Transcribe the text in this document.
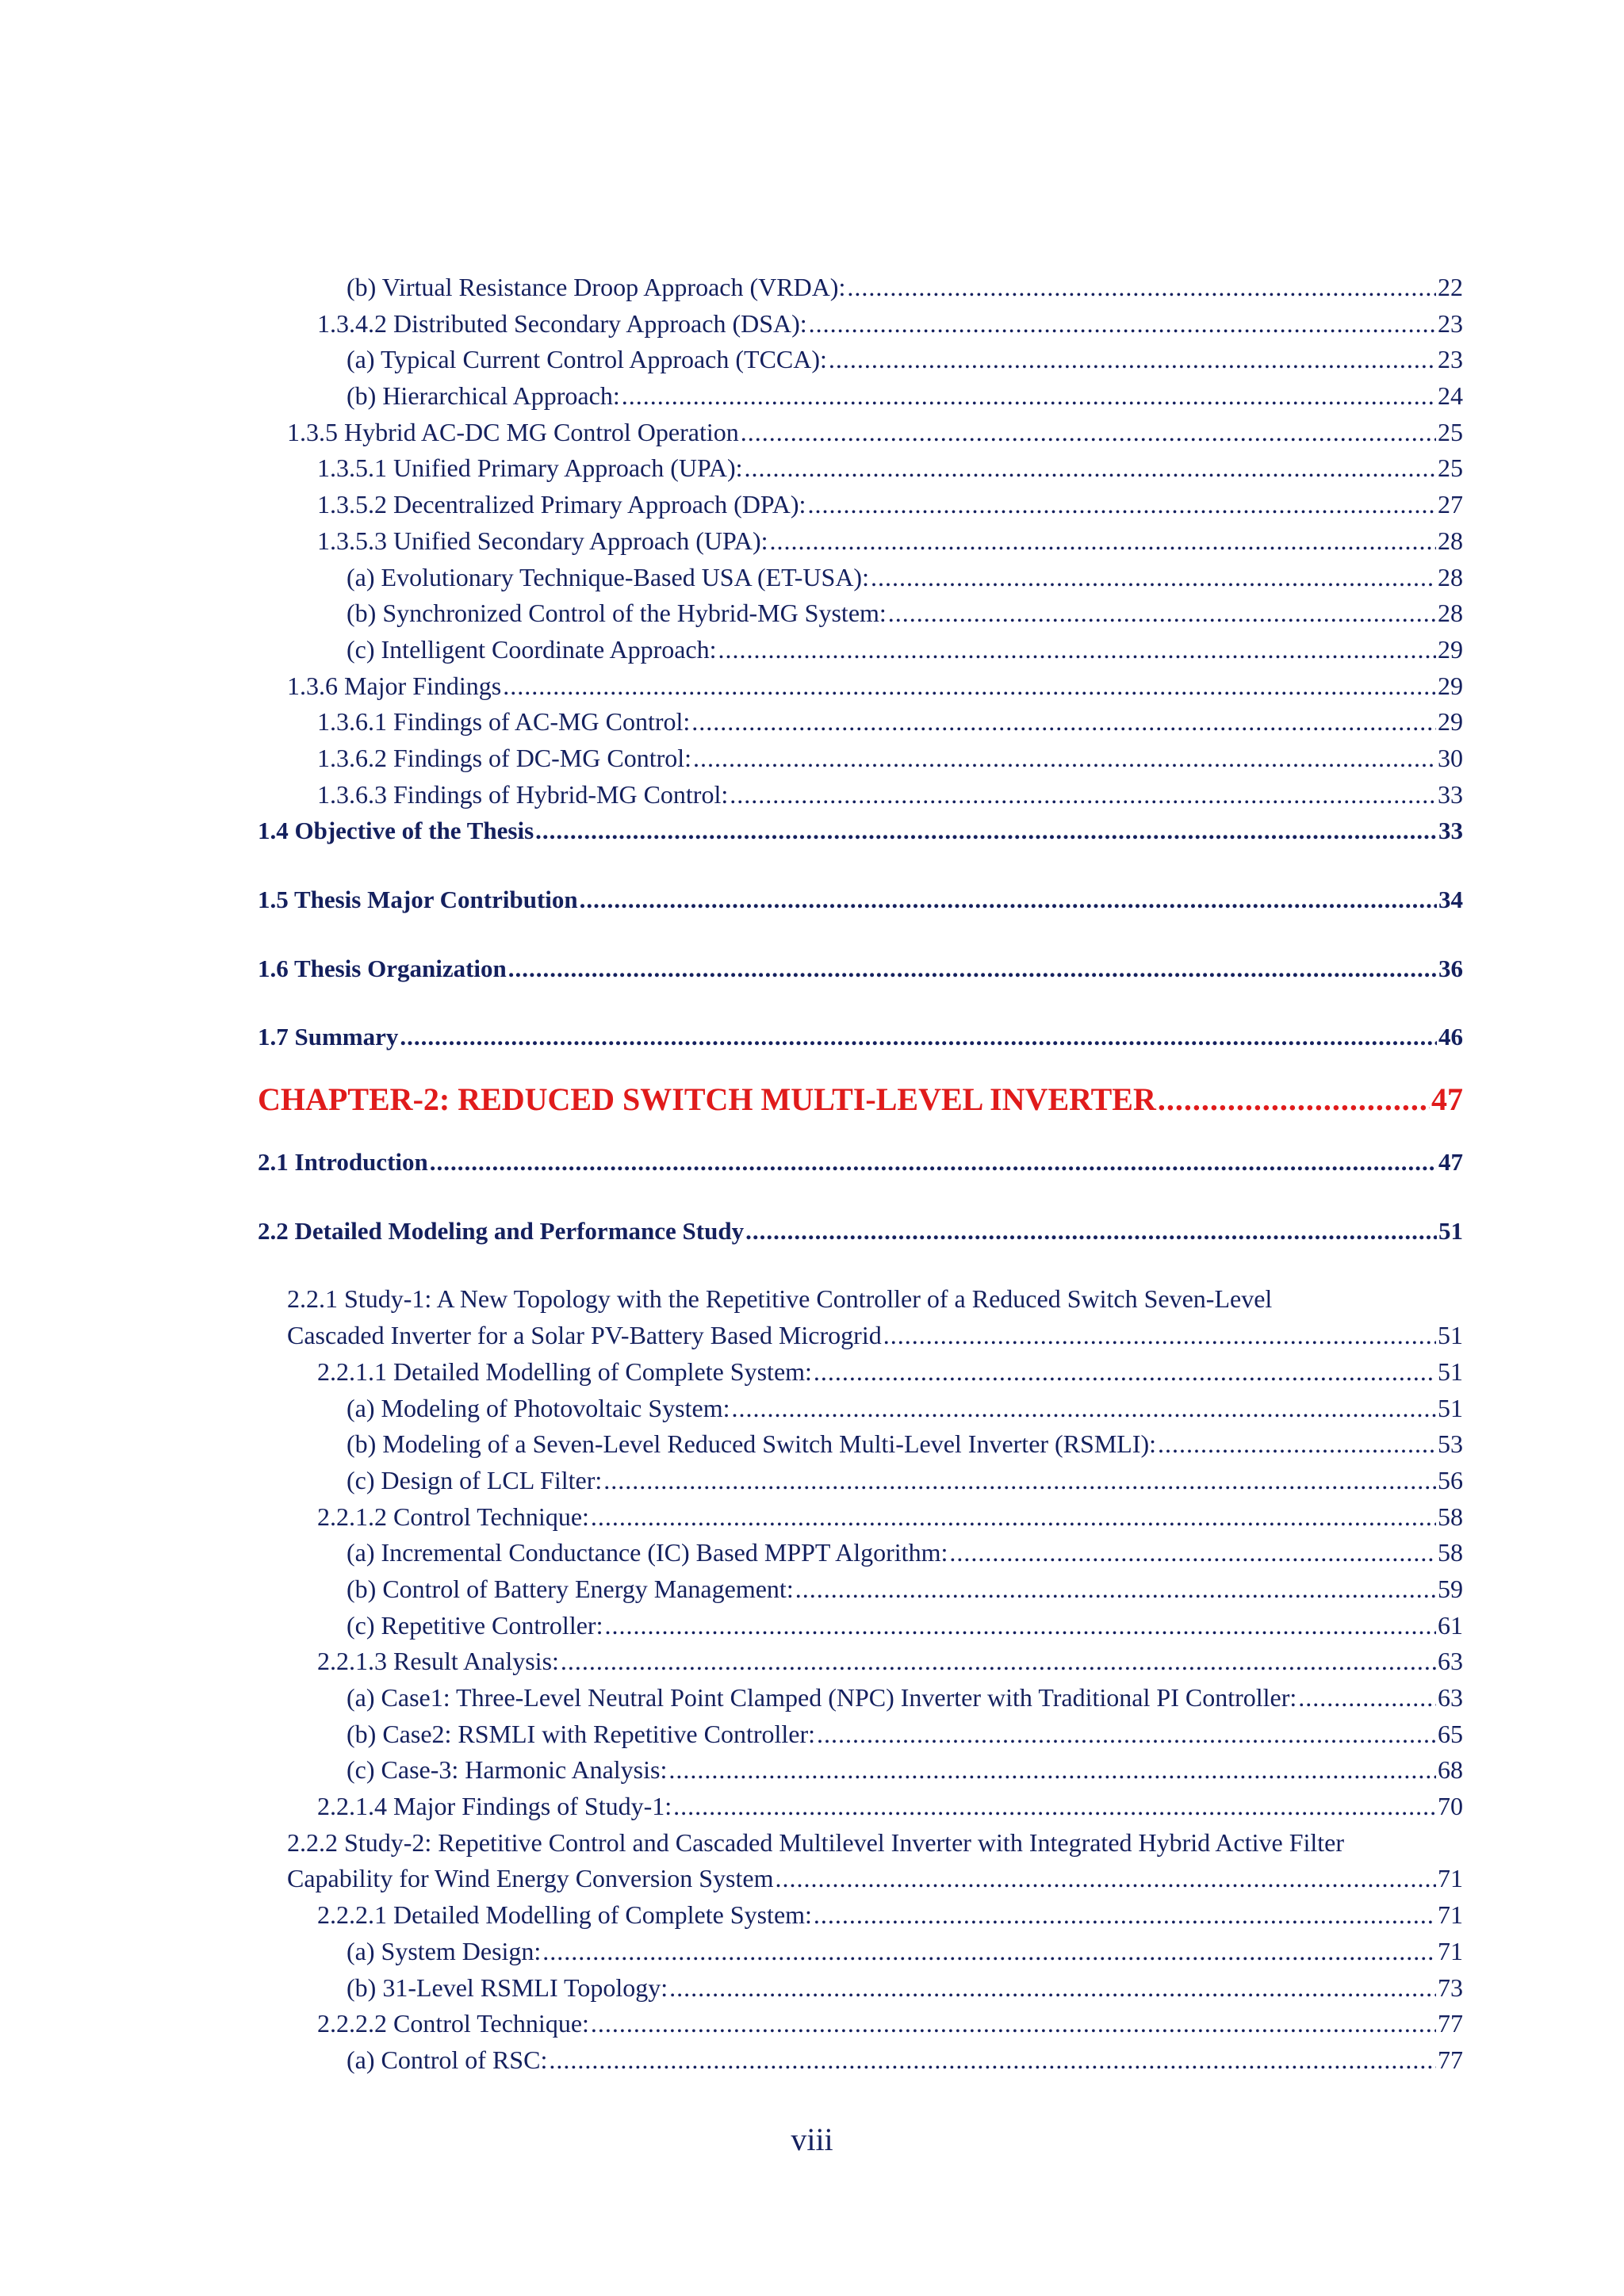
(b) Virtual Resistance Droop Approach (VRDA): .....	22
1.3.4.2 Distributed Secondary Approach (DSA): .....	23
(a) Typical Current Control Approach (TCCA): .....	23
(b) Hierarchical Approach: .....	24
1.3.5 Hybrid AC-DC MG Control Operation .....	25
1.3.5.1 Unified Primary Approach (UPA): .....	25
1.3.5.2 Decentralized Primary Approach (DPA): .....	27
1.3.5.3 Unified Secondary Approach (UPA): .....	28
(a) Evolutionary Technique-Based USA (ET-USA): .....	28
(b) Synchronized Control of the Hybrid-MG System: .....	28
(c) Intelligent Coordinate Approach: .....	29
1.3.6 Major Findings .....	29
1.3.6.1 Findings of AC-MG Control: .....	29
1.3.6.2 Findings of DC-MG Control: .....	30
1.3.6.3 Findings of Hybrid-MG Control: .....	33
1.4 Objective of the Thesis .....	33
1.5 Thesis Major Contribution .....	34
1.6 Thesis Organization .....	36
1.7 Summary .....	46
CHAPTER-2: REDUCED SWITCH MULTI-LEVEL INVERTER .....	47
2.1 Introduction .....	47
2.2 Detailed Modeling and Performance Study .....	51
2.2.1 Study-1: A New Topology with the Repetitive Controller of a Reduced Switch Seven-Level
Cascaded Inverter for a Solar PV-Battery Based Microgrid .....	51
2.2.1.1 Detailed Modelling of Complete System: .....	51
(a) Modeling of Photovoltaic System: .....	51
(b) Modeling of a Seven-Level Reduced Switch Multi-Level Inverter (RSMLI): .....	53
(c) Design of LCL Filter: .....	56
2.2.1.2 Control Technique: .....	58
(a) Incremental Conductance (IC) Based MPPT Algorithm: .....	58
(b) Control of Battery Energy Management: .....	59
(c) Repetitive Controller: .....	61
2.2.1.3 Result Analysis: .....	63
(a) Case1: Three-Level Neutral Point Clamped (NPC) Inverter with Traditional PI Controller: .....	63
(b) Case2: RSMLI with Repetitive Controller: .....	65
(c) Case-3: Harmonic Analysis: .....	68
2.2.1.4 Major Findings of Study-1: .....	70
2.2.2 Study-2: Repetitive Control and Cascaded Multilevel Inverter with Integrated Hybrid Active Filter
Capability for Wind Energy Conversion System .....	71
2.2.2.1 Detailed Modelling of Complete System: .....	71
(a) System Design: .....	71
(b) 31-Level RSMLI Topology: .....	73
2.2.2.2 Control Technique: .....	77
(a) Control of RSC: .....	77
viii
